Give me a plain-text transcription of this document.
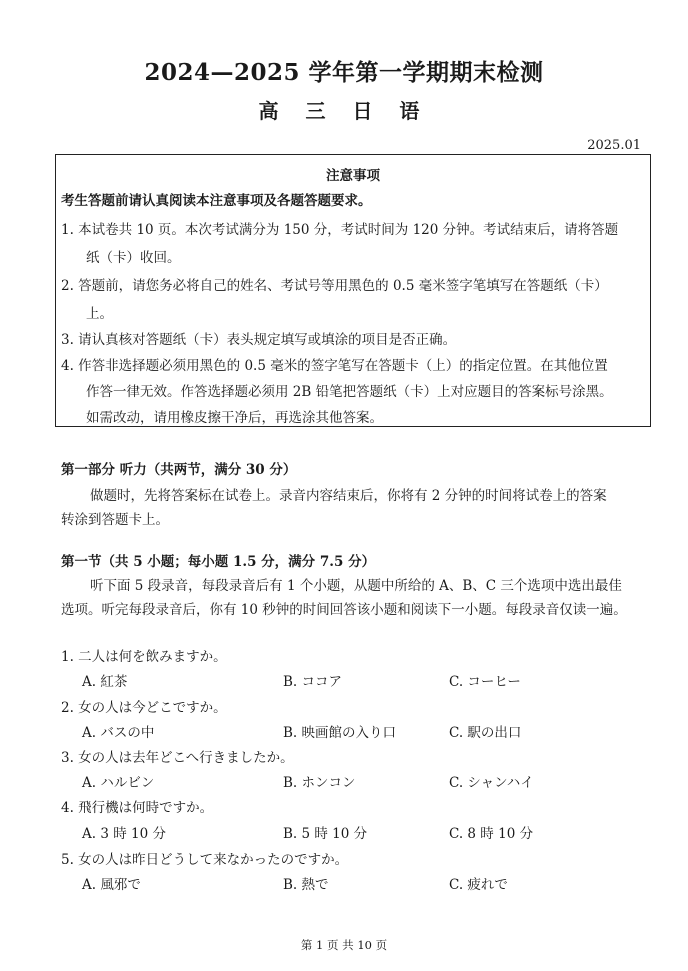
2024—2025 学年第一学期期末检测
高 三 日 语
2025.01
注意事项
考生答题前请认真阅读本注意事项及各题答题要求。
1. 本试卷共 10 页。本次考试满分为 150 分，考试时间为 120 分钟。考试结束后，请将答题
纸（卡）收回。
2. 答题前，请您务必将自己的姓名、考试号等用黑色的 0.5 毫米签字笔填写在答题纸（卡）
上。
3. 请认真核对答题纸（卡）表头规定填写或填涂的项目是否正确。
4. 作答非选择题必须用黑色的 0.5 毫米的签字笔写在答题卡（上）的指定位置。在其他位置
作答一律无效。作答选择题必须用 2B 铅笔把答题纸（卡）上对应题目的答案标号涂黑。
如需改动，请用橡皮擦干净后，再选涂其他答案。
第一部分 听力（共两节，满分 30 分）
做题时，先将答案标在试卷上。录音内容结束后，你将有 2 分钟的时间将试卷上的答案
转涂到答题卡上。
第一节（共 5 小题；每小题 1.5 分，满分 7.5 分）
听下面 5 段录音，每段录音后有 1 个小题，从题中所给的 A、B、C 三个选项中选出最佳
选项。听完每段录音后，你有 10 秒钟的时间回答该小题和阅读下一小题。每段录音仅读一遍。
1. 二人は何を飲みますか。
A. 紅茶	B. ココア	C. コーヒー
2. 女の人は今どこですか。
A. バスの中	B. 映画館の入り口	C. 駅の出口
3. 女の人は去年どこへ行きましたか。
A. ハルビン	B. ホンコン	C. シャンハイ
4. 飛行機は何時ですか。
A. 3 時 10 分	B. 5 時 10 分	C. 8 時 10 分
5. 女の人は昨日どうして来なかったのですか。
A. 風邪で	B. 熱で	C. 疲れで
第 1 页 共 10 页
